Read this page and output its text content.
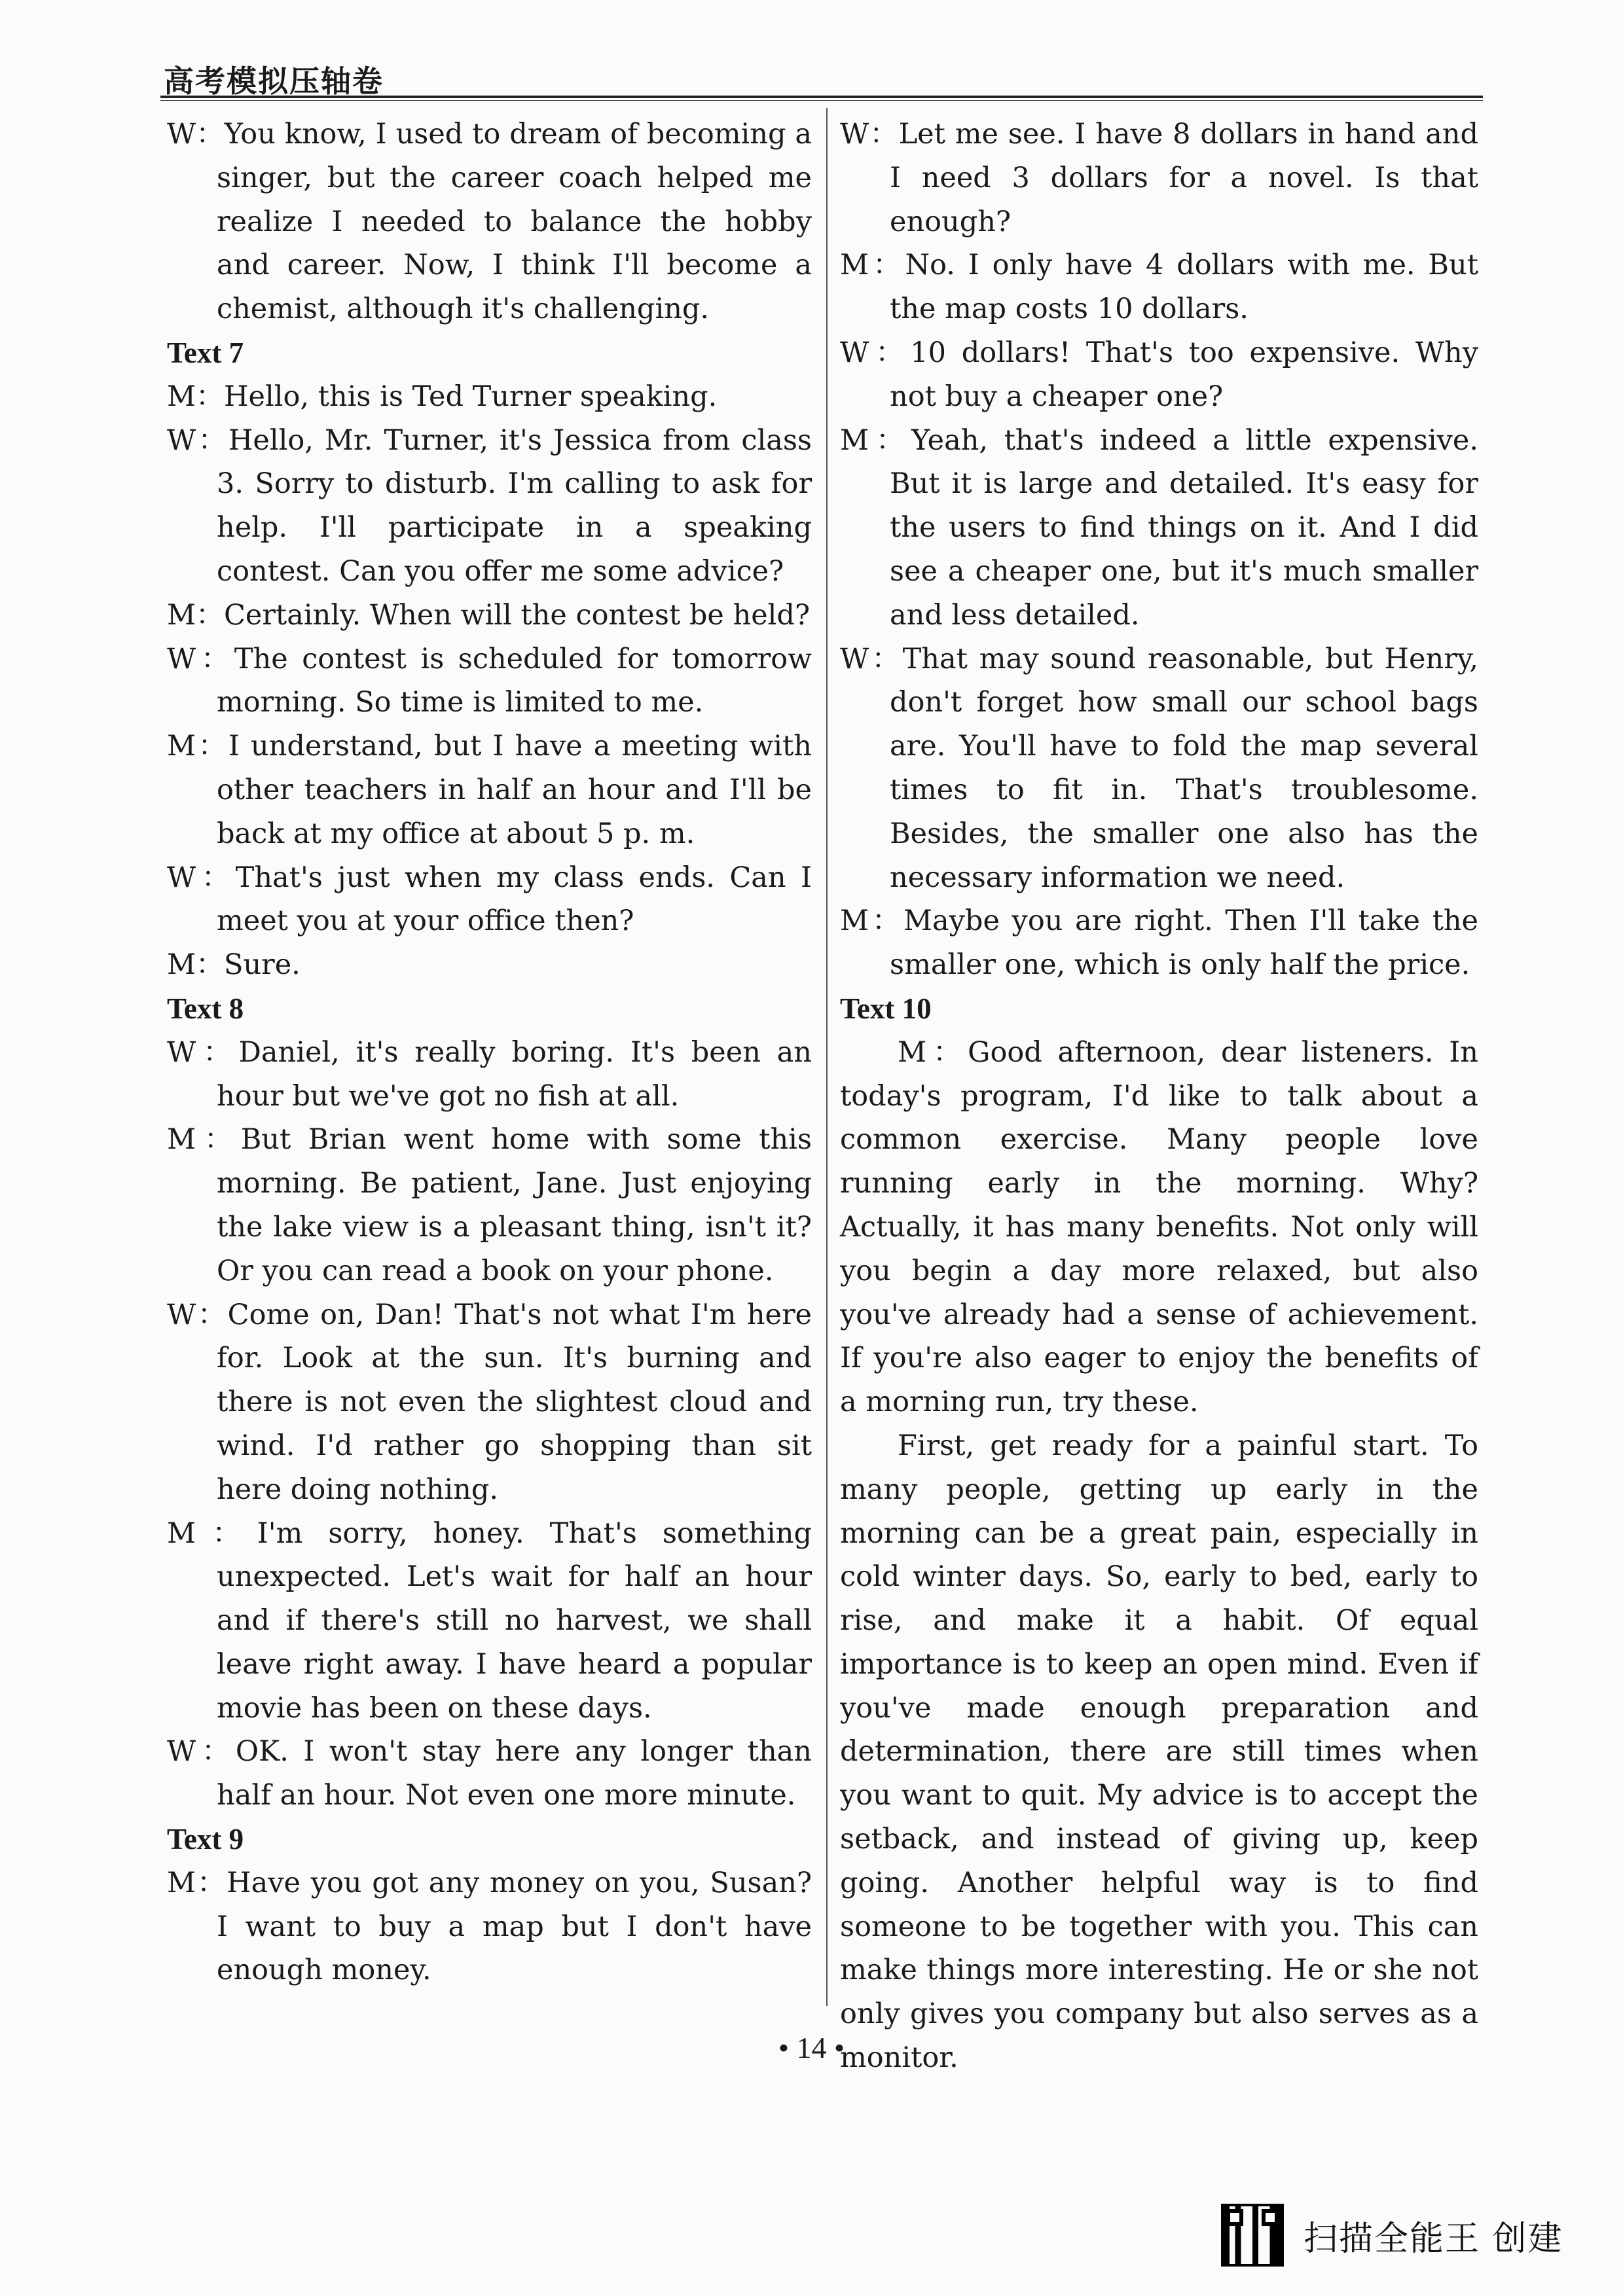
高考模拟压轴卷

W：You know, I used to dream of becoming a singer, but the career coach helped me realize I needed to balance the hobby and career. Now, I think I'll become a chemist, although it's challenging.

Text 7

M：Hello, this is Ted Turner speaking.

W：Hello, Mr. Turner, it's Jessica from class 3. Sorry to disturb. I'm calling to ask for help. I'll participate in a speaking contest. Can you offer me some advice?

M：Certainly. When will the contest be held?

W：The contest is scheduled for tomorrow morning. So time is limited to me.

M：I understand, but I have a meeting with other teachers in half an hour and I'll be back at my office at about 5 p. m.

W：That's just when my class ends. Can I meet you at your office then?

M：Sure.

Text 8

W：Daniel, it's really boring. It's been an hour but we've got no fish at all.

M：But Brian went home with some this morning. Be patient, Jane. Just enjoying the lake view is a pleasant thing, isn't it? Or you can read a book on your phone.

W：Come on, Dan! That's not what I'm here for. Look at the sun. It's burning and there is not even the slightest cloud and wind. I'd rather go shopping than sit here doing nothing.

M：I'm sorry, honey. That's something unexpected. Let's wait for half an hour and if there's still no harvest, we shall leave right away. I have heard a popular movie has been on these days.

W：OK. I won't stay here any longer than half an hour. Not even one more minute.

Text 9

M：Have you got any money on you, Susan? I want to buy a map but I don't have enough money.

W：Let me see. I have 8 dollars in hand and I need 3 dollars for a novel. Is that enough?

M：No. I only have 4 dollars with me. But the map costs 10 dollars.

W：10 dollars! That's too expensive. Why not buy a cheaper one?

M：Yeah, that's indeed a little expensive. But it is large and detailed. It's easy for the users to find things on it. And I did see a cheaper one, but it's much smaller and less detailed.

W：That may sound reasonable, but Henry, don't forget how small our school bags are. You'll have to fold the map several times to fit in. That's troublesome. Besides, the smaller one also has the necessary information we need.

M：Maybe you are right. Then I'll take the smaller one, which is only half the price.

Text 10

M：Good afternoon, dear listeners. In today's program, I'd like to talk about a common exercise. Many people love running early in the morning. Why? Actually, it has many benefits. Not only will you begin a day more relaxed, but also you've already had a sense of achievement. If you're also eager to enjoy the benefits of a morning run, try these.

First, get ready for a painful start. To many people, getting up early in the morning can be a great pain, especially in cold winter days. So, early to bed, early to rise, and make it a habit. Of equal importance is to keep an open mind. Even if you've made enough preparation and determination, there are still times when you want to quit. My advice is to accept the setback, and instead of giving up, keep going. Another helpful way is to find someone to be together with you. This can make things more interesting. He or she not only gives you company but also serves as a monitor.

• 14 •
扫描全能王 创建
